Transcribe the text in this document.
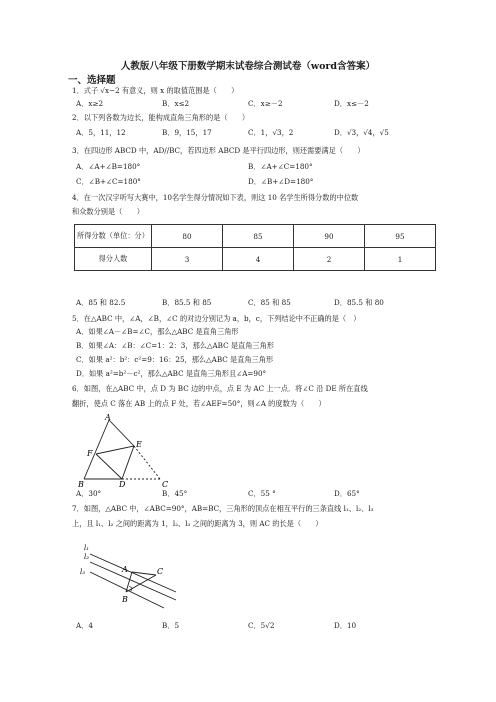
人教版八年级下册数学期末试卷综合测试卷（word含答案）
一、选择题
1．式子 √x−2 有意义，则 x 的取值范围是（　　）
A．x≥2	B．x≤2	C．x≥－2	D．x≤－2
2．以下列各数为边长，能构成直角三角形的是（　　）
A．5，11，12	B．9，15，17	C．1，√3，2	D．√3，√4，√5
3．在四边形 ABCD 中，AD//BC，若四边形 ABCD 是平行四边形，则还需要满足（　　）
A．∠A+∠B=180°	B．∠A+∠C=180°
C．∠B+∠C=180°	D．∠B+∠D=180°
4．在一次汉字听写大赛中，10名学生得分情况如下表，则这 10 名学生所得分数的中位数
和众数分别是（　　）
所得分数（单位：分）	80	85	90	95
得分人数	3	4	2	1
A．85 和 82.5	B．85.5 和 85	C．85 和 85	D．85.5 和 80
5．在△ABC 中，∠A，∠B，∠C 的对边分别记为 a，b，c，下列结论中不正确的是（　）
A．如果∠A－∠B=∠C，那么△ABC 是直角三角形
B．如果∠A：∠B：∠C=1：2：3，那么△ABC 是直角三角形
C．如果 a²：b²：c²=9：16：25，那么△ABC 是直角三角形
D．如果 a²=b²－c²，那么△ABC 是直角三角形且∠A=90°
6．如图，在△ABC 中，点 D 为 BC 边的中点，点 E 为 AC 上一点．将∠C 沿 DE 所在直线
翻折，使点 C 落在 AB 上的点 F 处，若∠AEF=50°，则∠A 的度数为（　　）
A
B	C
D
E
F
A．30°	B．45°	C．55 °	D．65°
7．如图，△ABC 中，∠ABC=90°，AB=BC，三角形的顶点在相互平行的三条直线 l₁、l₂、l₃
上，且 l₁、l₂ 之间的距离为 1，l₂、l₃ 之间的距离为 3，则 AC 的长是（　　）
l₁
l₂
l₃	A
B
C
A．4	B．5	C．5√2	D．10
